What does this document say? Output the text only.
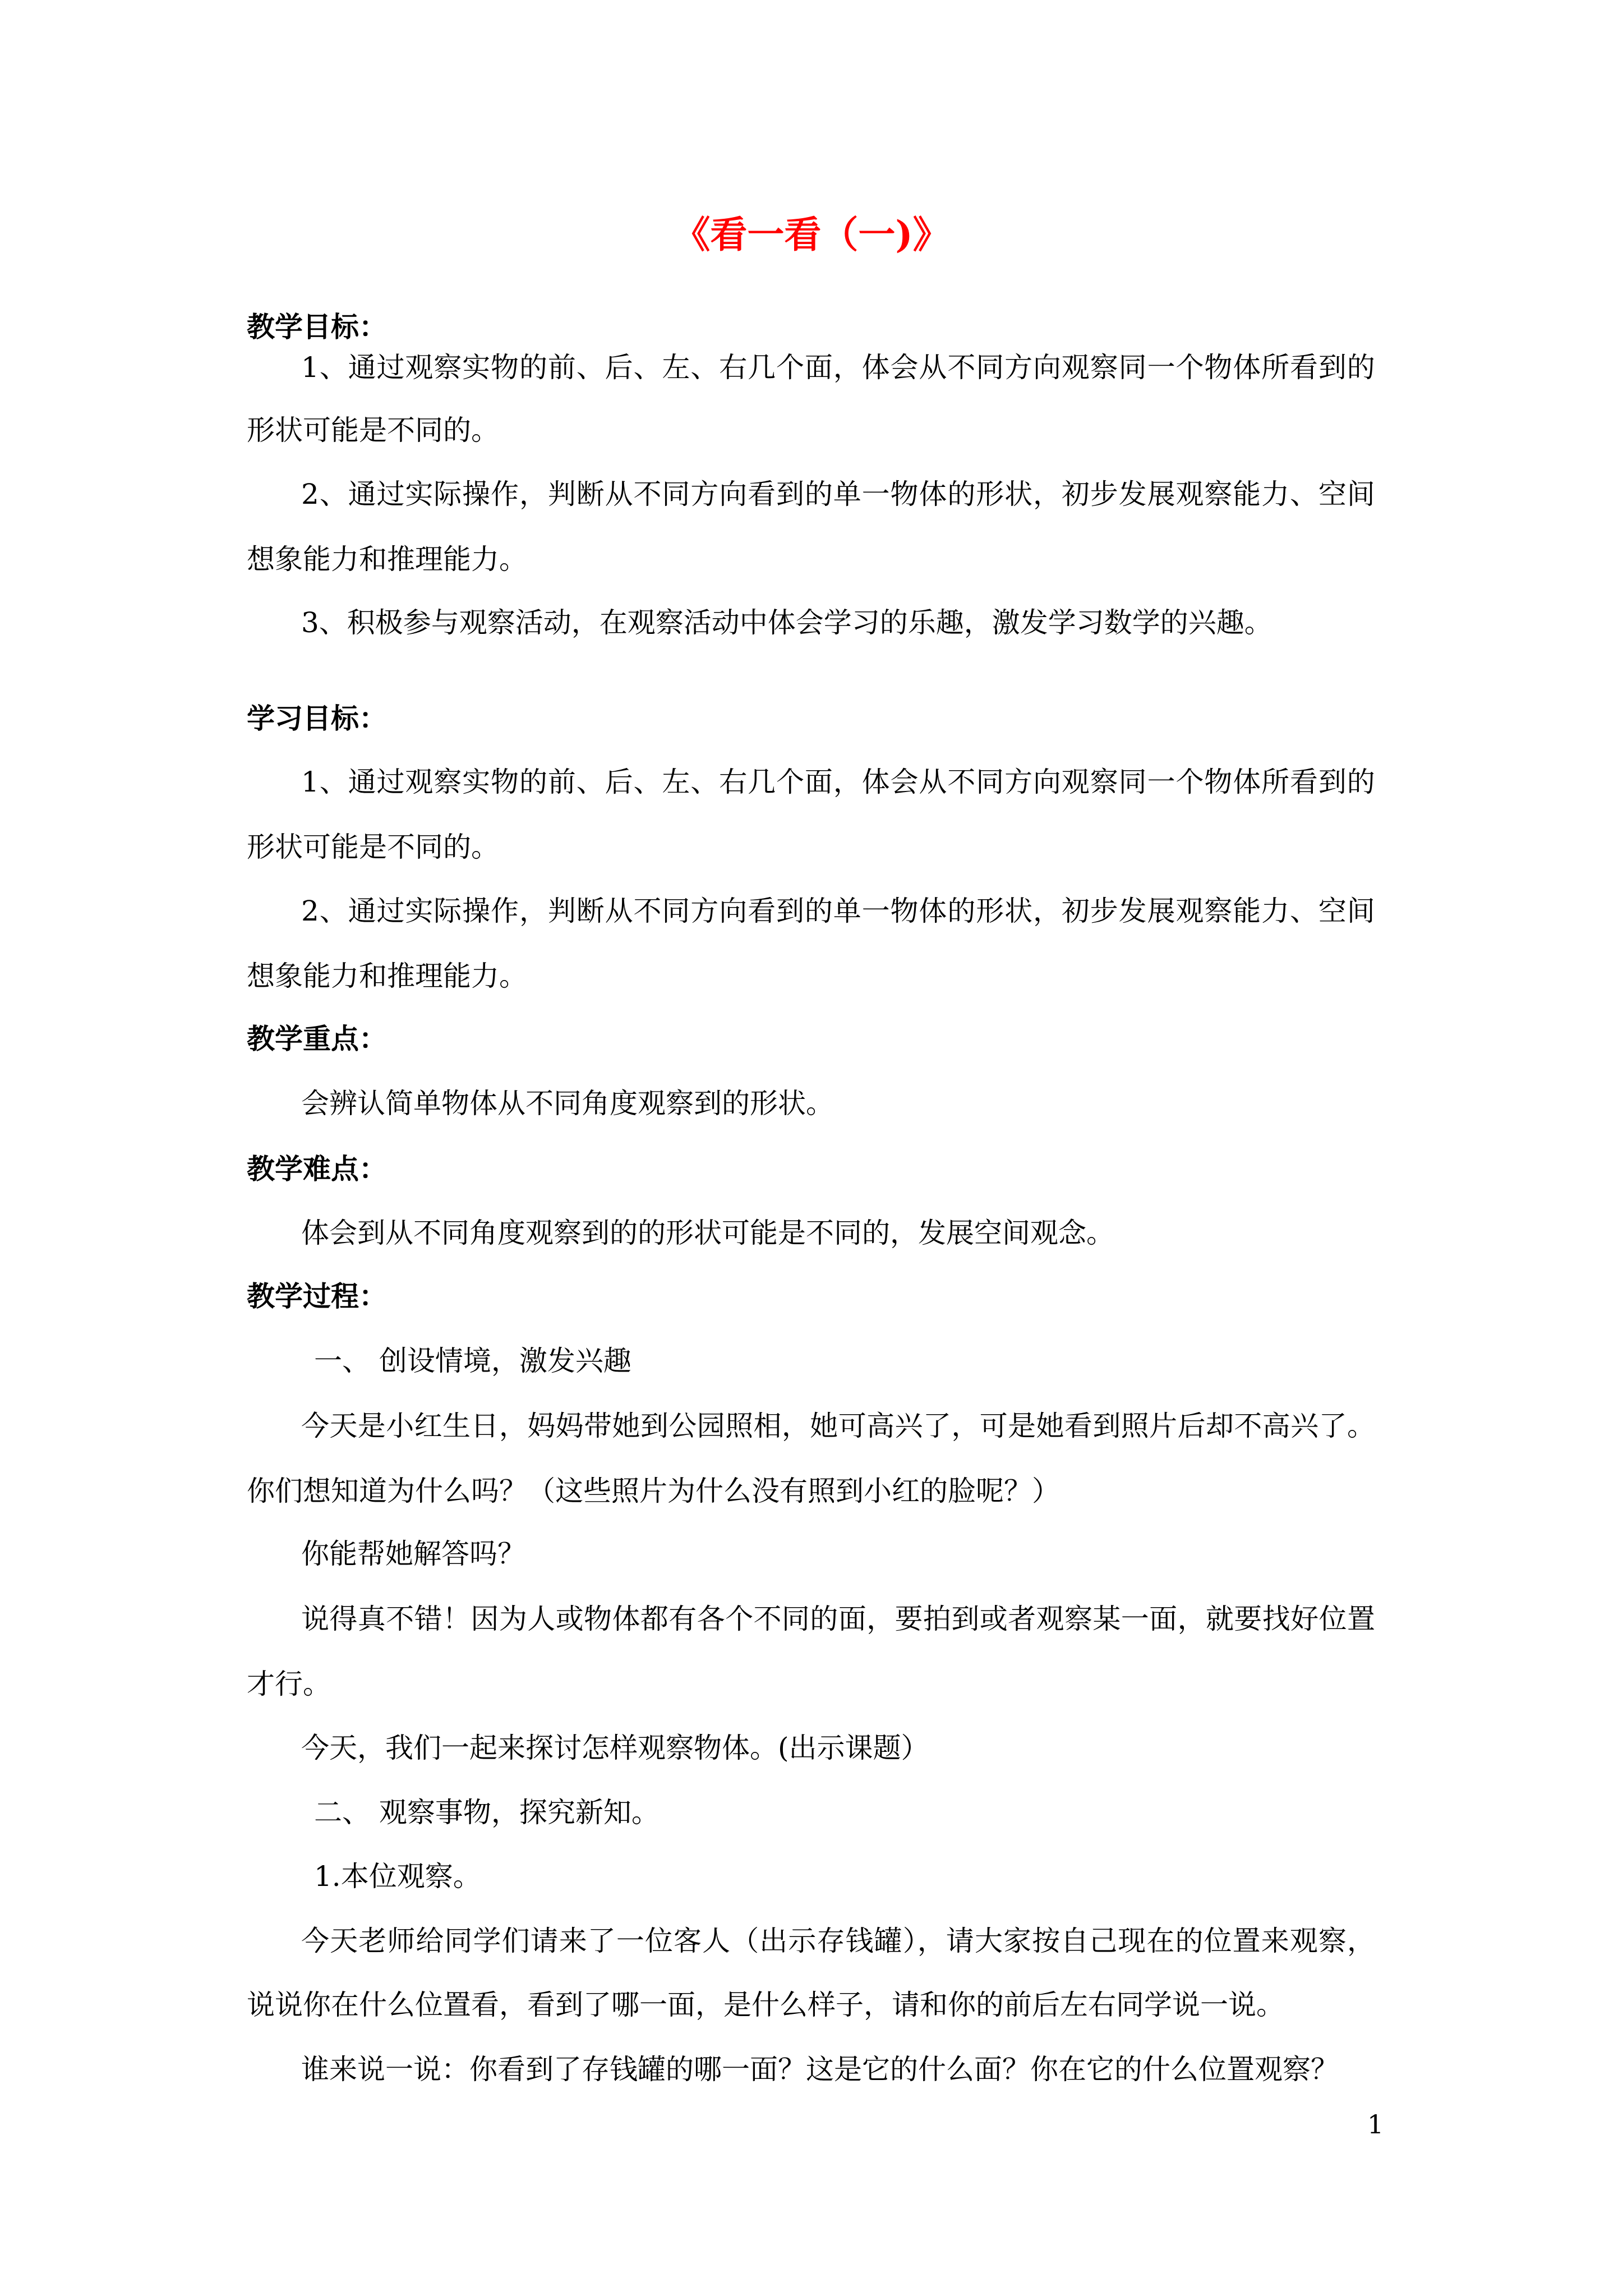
《看一看（一)》
教学目标：
1、通过观察实物的前、后、左、右几个面，体会从不同方向观察同一个物体所看到的
形状可能是不同的。
2、通过实际操作，判断从不同方向看到的单一物体的形状，初步发展观察能力、空间
想象能力和推理能力。
3、积极参与观察活动，在观察活动中体会学习的乐趣，激发学习数学的兴趣。
学习目标：
1、通过观察实物的前、后、左、右几个面，体会从不同方向观察同一个物体所看到的
形状可能是不同的。
2、通过实际操作，判断从不同方向看到的单一物体的形状，初步发展观察能力、空间
想象能力和推理能力。
教学重点：
会辨认简单物体从不同角度观察到的形状。
教学难点：
体会到从不同角度观察到的的形状可能是不同的，发展空间观念。
教学过程：
一、 创设情境，激发兴趣
今天是小红生日，妈妈带她到公园照相，她可高兴了，可是她看到照片后却不高兴了。
你们想知道为什么吗？（这些照片为什么没有照到小红的脸呢？）
你能帮她解答吗？
说得真不错！因为人或物体都有各个不同的面，要拍到或者观察某一面，就要找好位置
才行。
今天，我们一起来探讨怎样观察物体。(出示课题）
二、 观察事物，探究新知。
1.本位观察。
今天老师给同学们请来了一位客人（出示存钱罐），请大家按自己现在的位置来观察，
说说你在什么位置看，看到了哪一面，是什么样子，请和你的前后左右同学说一说。
谁来说一说：你看到了存钱罐的哪一面？这是它的什么面？你在它的什么位置观察？
1
